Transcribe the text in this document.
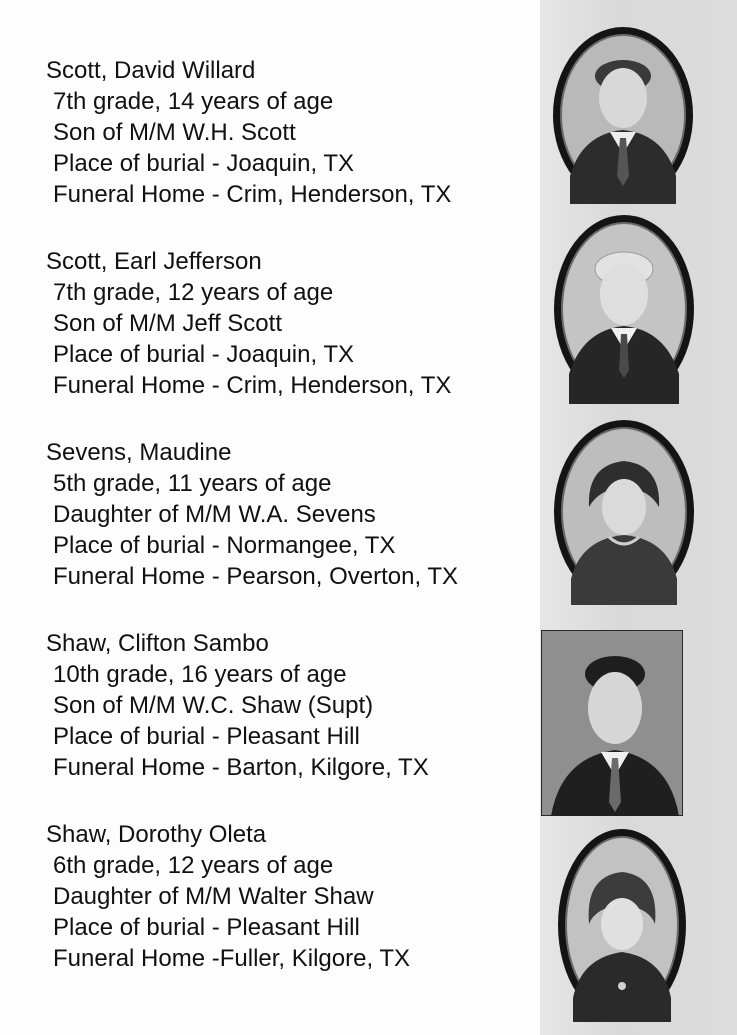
Scott, David Willard
7th grade, 14 years of age
Son of M/M W.H. Scott
Place of burial - Joaquin, TX
Funeral Home - Crim, Henderson, TX
Scott, Earl Jefferson
7th grade, 12 years of age
Son of M/M Jeff Scott
Place of burial - Joaquin, TX
Funeral Home - Crim, Henderson, TX
Sevens, Maudine
5th grade, 11 years of age
Daughter of M/M W.A. Sevens
Place of burial - Normangee, TX
Funeral Home - Pearson, Overton, TX
Shaw, Clifton Sambo
10th grade, 16 years of age
Son of M/M W.C. Shaw (Supt)
Place of burial - Pleasant Hill
Funeral Home - Barton, Kilgore, TX
Shaw, Dorothy Oleta
6th grade, 12 years of age
Daughter of M/M Walter Shaw
Place of burial - Pleasant Hill
Funeral Home -Fuller, Kilgore, TX
